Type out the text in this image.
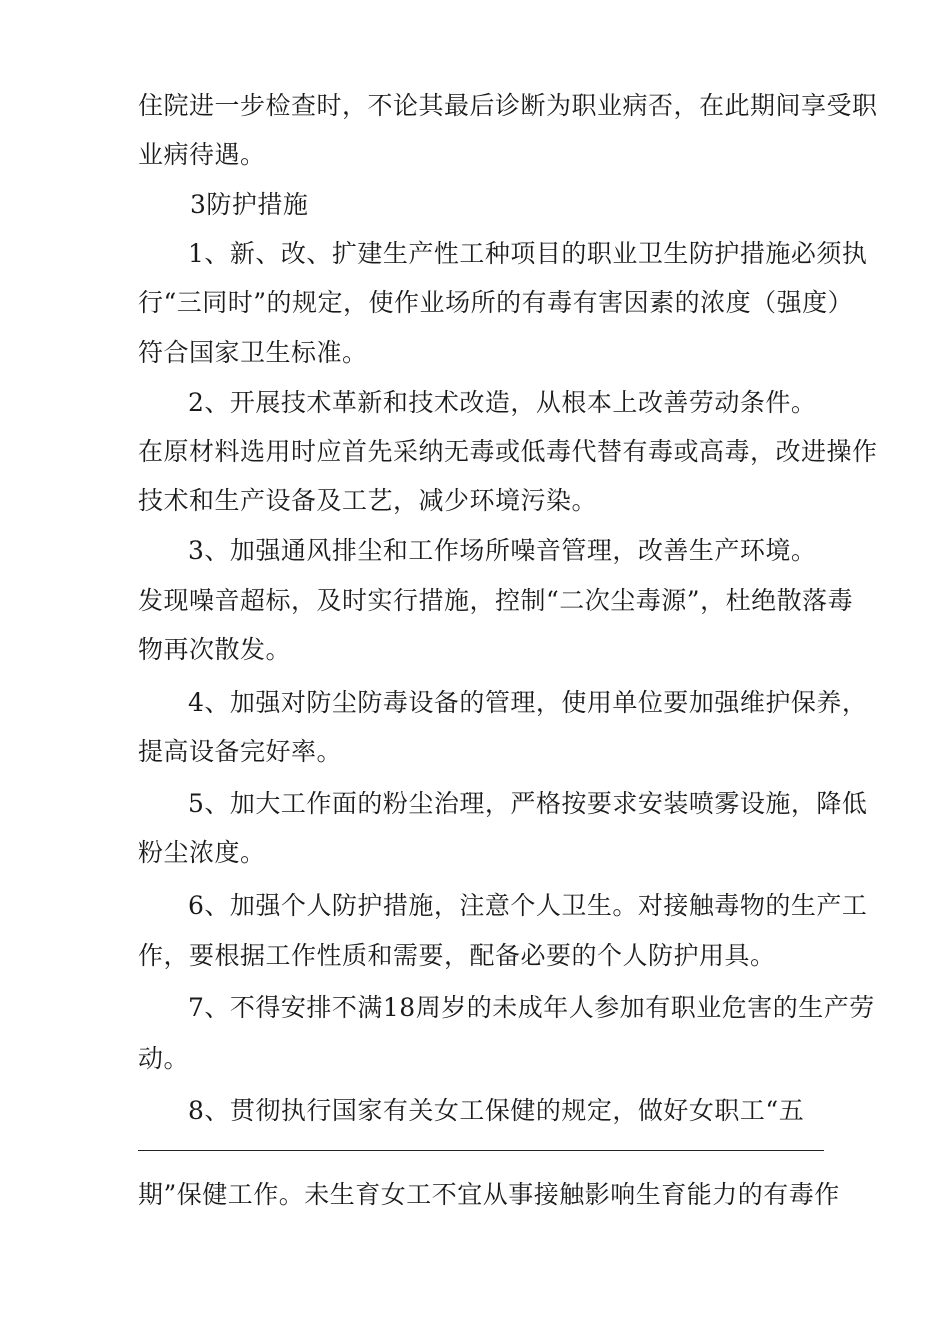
住院进一步检查时，不论其最后诊断为职业病否，在此期间享受职
业病待遇。
3防护措施
1、新、改、扩建生产性工种项目的职业卫生防护措施必须执
行“三同时”的规定，使作业场所的有毒有害因素的浓度（强度）
符合国家卫生标准。
2、开展技术革新和技术改造，从根本上改善劳动条件。
在原材料选用时应首先采纳无毒或低毒代替有毒或高毒，改进操作
技术和生产设备及工艺，减少环境污染。
3、加强通风排尘和工作场所噪音管理，改善生产环境。
发现噪音超标，及时实行措施，控制“二次尘毒源”，杜绝散落毒
物再次散发。
4、加强对防尘防毒设备的管理，使用单位要加强维护保养，
提高设备完好率。
5、加大工作面的粉尘治理，严格按要求安装喷雾设施，降低
粉尘浓度。
6、加强个人防护措施，注意个人卫生。对接触毒物的生产工
作，要根据工作性质和需要，配备必要的个人防护用具。
7、不得安排不满18周岁的未成年人参加有职业危害的生产劳
动。
8、贯彻执行国家有关女工保健的规定，做好女职工“五
期”保健工作。未生育女工不宜从事接触影响生育能力的有毒作
